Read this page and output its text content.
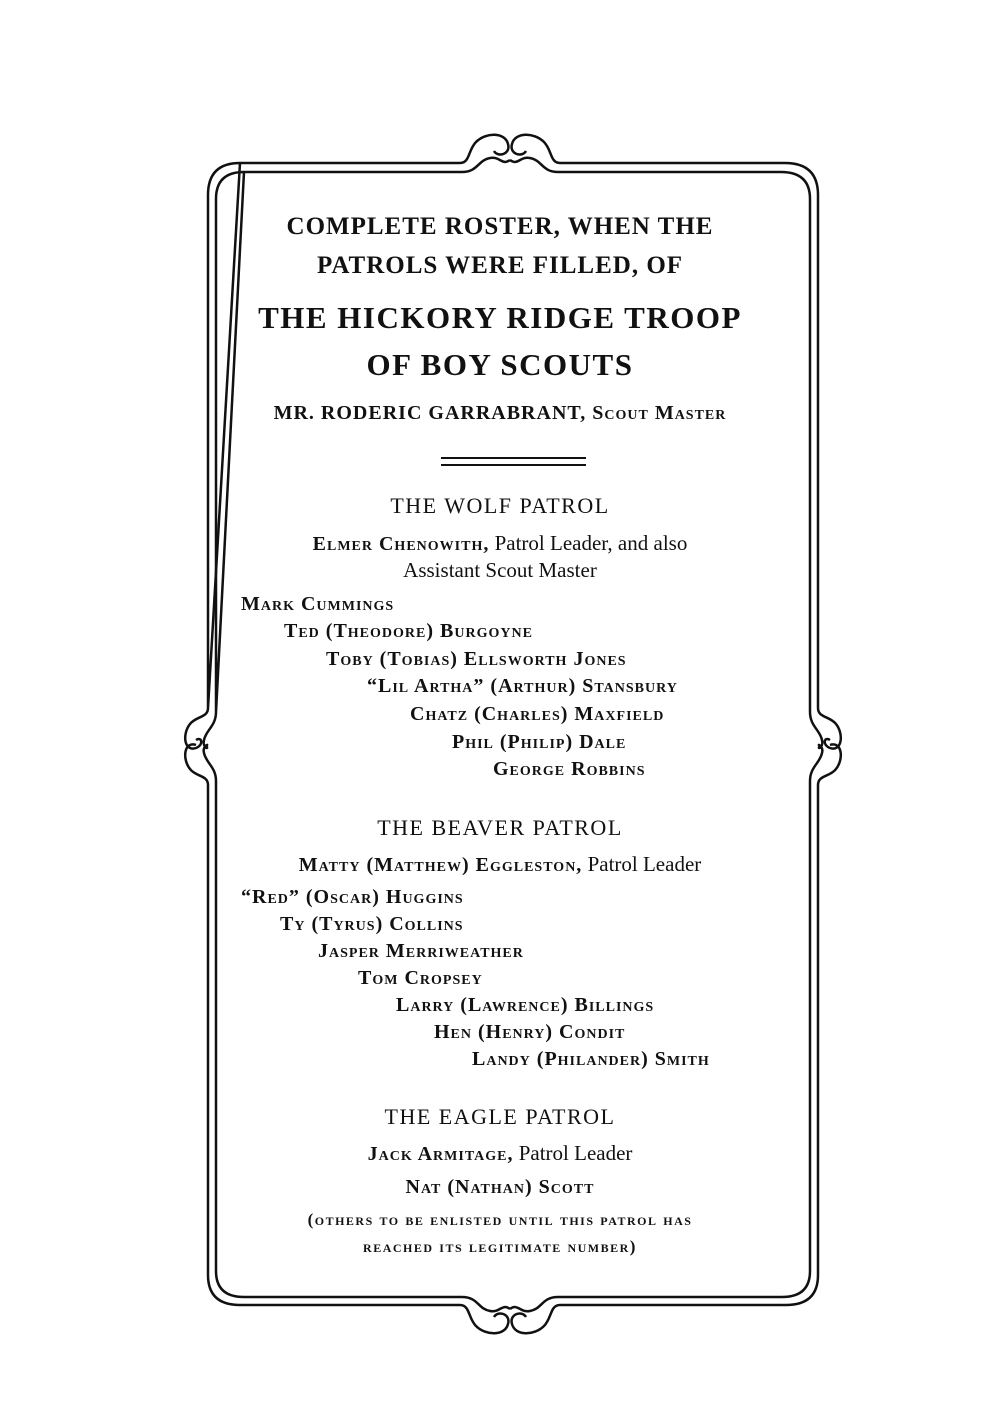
COMPLETE ROSTER, WHEN THE
PATROLS WERE FILLED, OF
THE HICKORY RIDGE TROOP
OF BOY SCOUTS
MR. RODERIC GARRABRANT, Scout Master
THE WOLF PATROL
Elmer Chenowith, Patrol Leader, and also
Assistant Scout Master
Mark Cummings
Ted (Theodore) Burgoyne
Toby (Tobias) Ellsworth Jones
“Lil Artha” (Arthur) Stansbury
Chatz (Charles) Maxfield
Phil (Philip) Dale
George Robbins
THE BEAVER PATROL
Matty (Matthew) Eggleston, Patrol Leader
“Red” (Oscar) Huggins
Ty (Tyrus) Collins
Jasper Merriweather
Tom Cropsey
Larry (Lawrence) Billings
Hen (Henry) Condit
Landy (Philander) Smith
THE EAGLE PATROL
Jack Armitage, Patrol Leader
Nat (Nathan) Scott
(others to be enlisted until this patrol has
reached its legitimate number)
